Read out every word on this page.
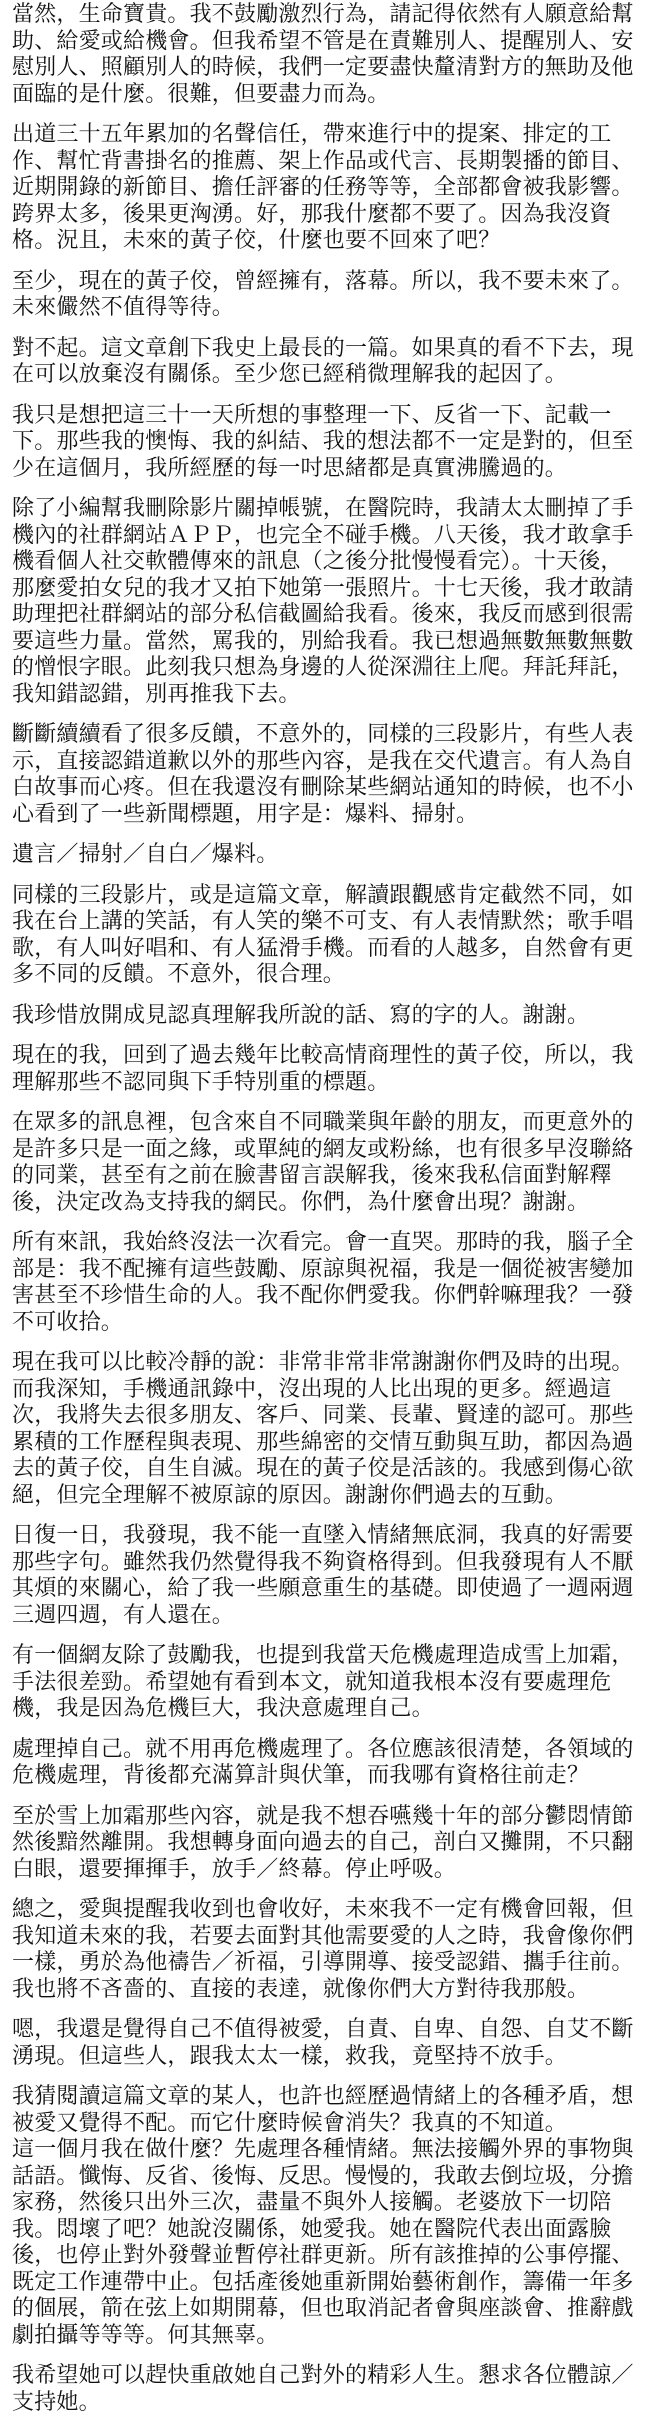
當然，生命寶貴。我不鼓勵激烈行為，請記得依然有人願意給幫
助、給愛或給機會。但我希望不管是在責難別人、提醒別人、安
慰別人、照顧別人的時候，我們一定要盡快釐清對方的無助及他
面臨的是什麼。很難，但要盡力而為。
出道三十五年累加的名聲信任，帶來進行中的提案、排定的工
作、幫忙背書掛名的推薦、架上作品或代言、長期製播的節目、
近期開錄的新節目、擔任評審的任務等等，全部都會被我影響。
跨界太多，後果更洶湧。好，那我什麼都不要了。因為我沒資
格。況且，未來的黃子佼，什麼也要不回來了吧？
至少，現在的黃子佼，曾經擁有，落幕。所以，我不要未來了。
未來儼然不值得等待。
對不起。這文章創下我史上最長的一篇。如果真的看不下去，現
在可以放棄沒有關係。至少您已經稍微理解我的起因了。
我只是想把這三十一天所想的事整理一下、反省一下、記載一
下。那些我的懊悔、我的糾結、我的想法都不一定是對的，但至
少在這個月，我所經歷的每一吋思緒都是真實沸騰過的。
除了小編幫我刪除影片關掉帳號，在醫院時，我請太太刪掉了手
機內的社群網站ＡＰＰ，也完全不碰手機。八天後，我才敢拿手
機看個人社交軟體傳來的訊息（之後分批慢慢看完）。十天後，
那麼愛拍女兒的我才又拍下她第一張照片。十七天後，我才敢請
助理把社群網站的部分私信截圖給我看。後來，我反而感到很需
要這些力量。當然，罵我的，別給我看。我已想過無數無數無數
的憎恨字眼。此刻我只想為身邊的人從深淵往上爬。拜託拜託，
我知錯認錯，別再推我下去。
斷斷續續看了很多反饋，不意外的，同樣的三段影片，有些人表
示，直接認錯道歉以外的那些內容，是我在交代遺言。有人為自
白故事而心疼。但在我還沒有刪除某些網站通知的時候，也不小
心看到了一些新聞標題，用字是：爆料、掃射。
遺言／掃射／自白／爆料。
同樣的三段影片，或是這篇文章，解讀跟觀感肯定截然不同，如
我在台上講的笑話，有人笑的樂不可支、有人表情默然；歌手唱
歌，有人叫好唱和、有人猛滑手機。而看的人越多，自然會有更
多不同的反饋。不意外，很合理。
我珍惜放開成見認真理解我所說的話、寫的字的人。謝謝。
現在的我，回到了過去幾年比較高情商理性的黃子佼，所以，我
理解那些不認同與下手特別重的標題。
在眾多的訊息裡，包含來自不同職業與年齡的朋友，而更意外的
是許多只是一面之緣，或單純的網友或粉絲，也有很多早沒聯絡
的同業，甚至有之前在臉書留言誤解我，後來我私信面對解釋
後，決定改為支持我的網民。你們，為什麼會出現？謝謝。
所有來訊，我始終沒法一次看完。會一直哭。那時的我，腦子全
部是：我不配擁有這些鼓勵、原諒與祝福，我是一個從被害變加
害甚至不珍惜生命的人。我不配你們愛我。你們幹嘛理我？一發
不可收拾。
現在我可以比較冷靜的說：非常非常非常謝謝你們及時的出現。
而我深知，手機通訊錄中，沒出現的人比出現的更多。經過這
次，我將失去很多朋友、客戶、同業、長輩、賢達的認可。那些
累積的工作歷程與表現、那些綿密的交情互動與互助，都因為過
去的黃子佼，自生自滅。現在的黃子佼是活該的。我感到傷心欲
絕，但完全理解不被原諒的原因。謝謝你們過去的互動。
日復一日，我發現，我不能一直墜入情緒無底洞，我真的好需要
那些字句。雖然我仍然覺得我不夠資格得到。但我發現有人不厭
其煩的來關心，給了我一些願意重生的基礎。即使過了一週兩週
三週四週，有人還在。
有一個網友除了鼓勵我，也提到我當天危機處理造成雪上加霜，
手法很差勁。希望她有看到本文，就知道我根本沒有要處理危
機，我是因為危機巨大，我決意處理自己。
處理掉自己。就不用再危機處理了。各位應該很清楚，各領域的
危機處理，背後都充滿算計與伏筆，而我哪有資格往前走？
至於雪上加霜那些內容，就是我不想吞嚥幾十年的部分鬱悶情節
然後黯然離開。我想轉身面向過去的自己，剖白又攤開，不只翻
白眼，還要揮揮手，放手／終幕。停止呼吸。
總之，愛與提醒我收到也會收好，未來我不一定有機會回報，但
我知道未來的我，若要去面對其他需要愛的人之時，我會像你們
一樣，勇於為他禱告／祈福，引導開導、接受認錯、攜手往前。
我也將不吝嗇的、直接的表達，就像你們大方對待我那般。
嗯，我還是覺得自己不值得被愛，自責、自卑、自怨、自艾不斷
湧現。但這些人，跟我太太一樣，救我，竟堅持不放手。
我猜閱讀這篇文章的某人，也許也經歷過情緒上的各種矛盾，想
被愛又覺得不配。而它什麼時候會消失？我真的不知道。
這一個月我在做什麼？先處理各種情緒。無法接觸外界的事物與
話語。懺悔、反省、後悔、反思。慢慢的，我敢去倒垃圾，分擔
家務，然後只出外三次，盡量不與外人接觸。老婆放下一切陪
我。悶壞了吧？她說沒關係，她愛我。她在醫院代表出面露臉
後，也停止對外發聲並暫停社群更新。所有該推掉的公事停擺、
既定工作連帶中止。包括產後她重新開始藝術創作，籌備一年多
的個展，箭在弦上如期開幕，但也取消記者會與座談會、推辭戲
劇拍攝等等等。何其無辜。
我希望她可以趕快重啟她自己對外的精彩人生。懇求各位體諒／
支持她。
